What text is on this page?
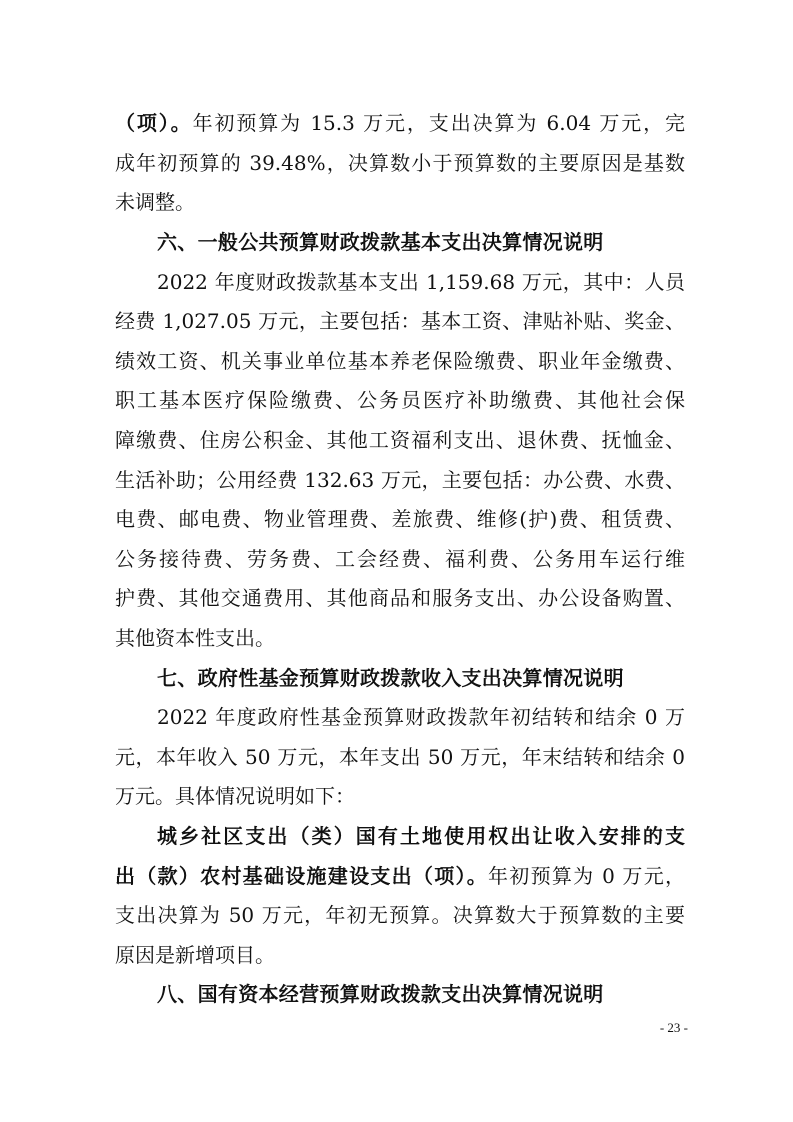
（项）。年初预算为 15.3 万元，支出决算为 6.04 万元，完
成年初预算的 39.48%，决算数小于预算数的主要原因是基数
未调整。
六、一般公共预算财政拨款基本支出决算情况说明
2022 年度财政拨款基本支出 1,159.68 万元，其中：人员
经费 1,027.05 万元，主要包括：基本工资、津贴补贴、奖金、
绩效工资、机关事业单位基本养老保险缴费、职业年金缴费、
职工基本医疗保险缴费、公务员医疗补助缴费、其他社会保
障缴费、住房公积金、其他工资福利支出、退休费、抚恤金、
生活补助；公用经费 132.63 万元，主要包括：办公费、水费、
电费、邮电费、物业管理费、差旅费、维修(护)费、租赁费、
公务接待费、劳务费、工会经费、福利费、公务用车运行维
护费、其他交通费用、其他商品和服务支出、办公设备购置、
其他资本性支出。
七、政府性基金预算财政拨款收入支出决算情况说明
2022 年度政府性基金预算财政拨款年初结转和结余 0 万
元，本年收入 50 万元，本年支出 50 万元，年末结转和结余 0
万元。具体情况说明如下：
城乡社区支出（类）国有土地使用权出让收入安排的支
出（款）农村基础设施建设支出（项）。年初预算为 0 万元，
支出决算为 50 万元，年初无预算。决算数大于预算数的主要
原因是新增项目。
八、国有资本经营预算财政拨款支出决算情况说明
- 23 -
